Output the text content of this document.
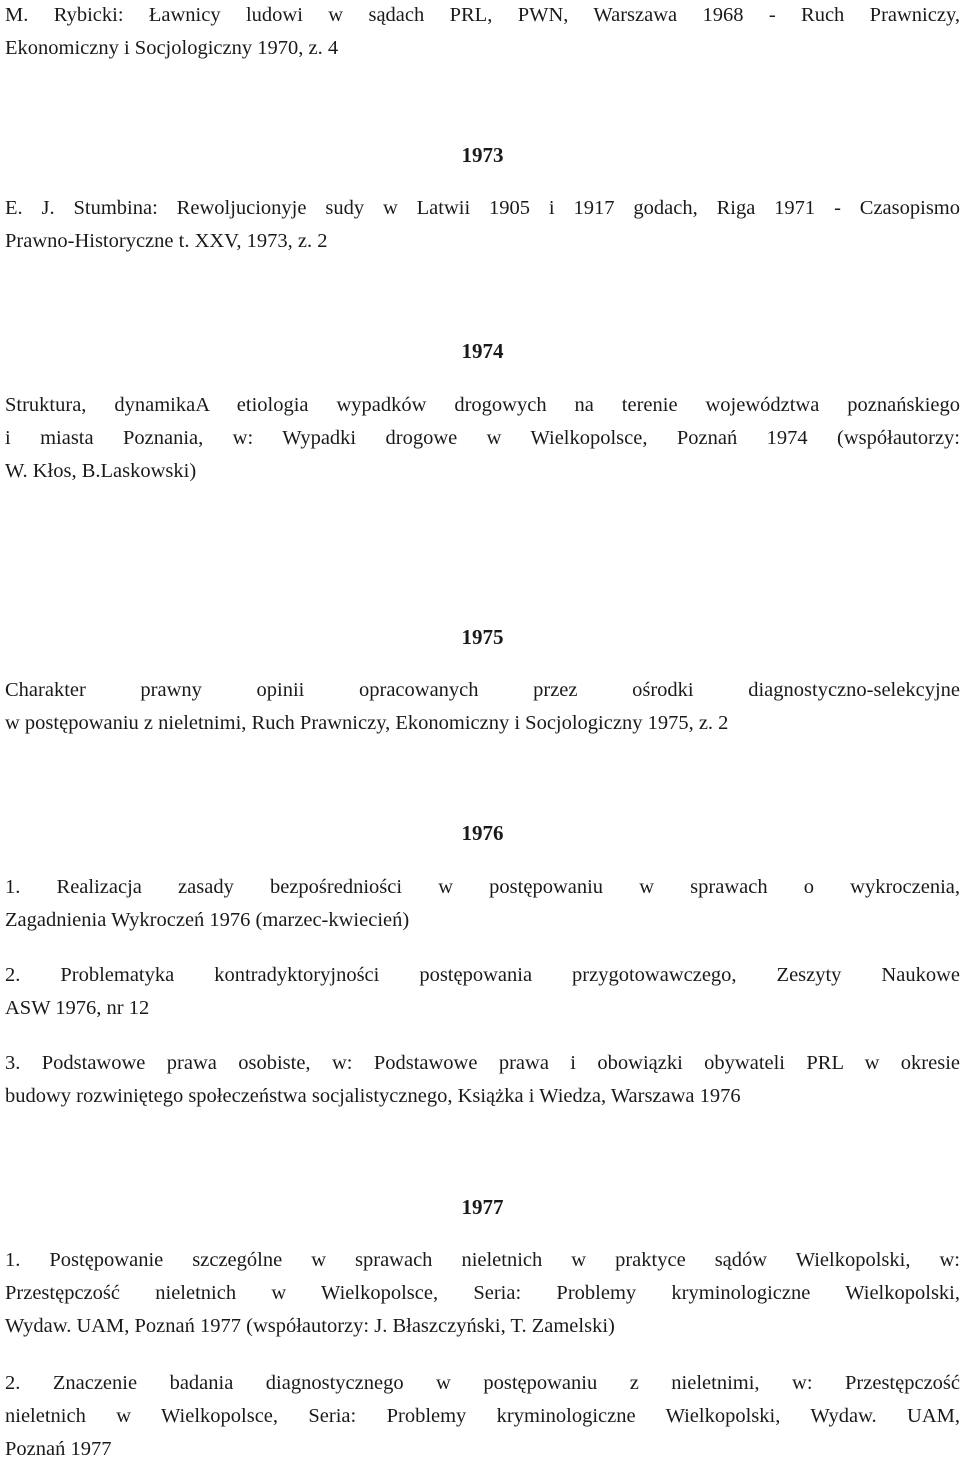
M. Rybicki: Ławnicy ludowi w sądach PRL, PWN, Warszawa 1968 - Ruch Prawniczy,
Ekonomiczny i Socjologiczny 1970, z. 4
1973
E. J. Stumbina: Rewoljucionyje sudy w Latwii 1905 i 1917 godach, Riga 1971 - Czasopismo
Prawno-Historyczne t. XXV, 1973, z. 2
1974
Struktura, dynamikaA etiologia wypadków drogowych na terenie województwa poznańskiego
i miasta Poznania, w: Wypadki drogowe w Wielkopolsce, Poznań 1974 (współautorzy:
W. Kłos, B.Laskowski)
1975
Charakter prawny opinii opracowanych przez ośrodki diagnostyczno-selekcyjne
w postępowaniu z nieletnimi, Ruch Prawniczy, Ekonomiczny i Socjologiczny 1975, z. 2
1976
1. Realizacja zasady bezpośredniości w postępowaniu w sprawach o wykroczenia,
Zagadnienia Wykroczeń 1976 (marzec-kwiecień)
2. Problematyka kontradyktoryjności postępowania przygotowawczego, Zeszyty Naukowe
ASW 1976, nr 12
3. Podstawowe prawa osobiste, w: Podstawowe prawa i obowiązki obywateli PRL w okresie
budowy rozwiniętego społeczeństwa socjalistycznego, Książka i Wiedza, Warszawa 1976
1977
1. Postępowanie szczególne w sprawach nieletnich w praktyce sądów Wielkopolski, w:
Przestępczość nieletnich w Wielkopolsce, Seria: Problemy kryminologiczne Wielkopolski,
Wydaw. UAM, Poznań 1977 (współautorzy: J. Błaszczyński, T. Zamelski)
2. Znaczenie badania diagnostycznego w postępowaniu z nieletnimi, w: Przestępczość
nieletnich w Wielkopolsce, Seria: Problemy kryminologiczne Wielkopolski, Wydaw. UAM,
Poznań 1977
